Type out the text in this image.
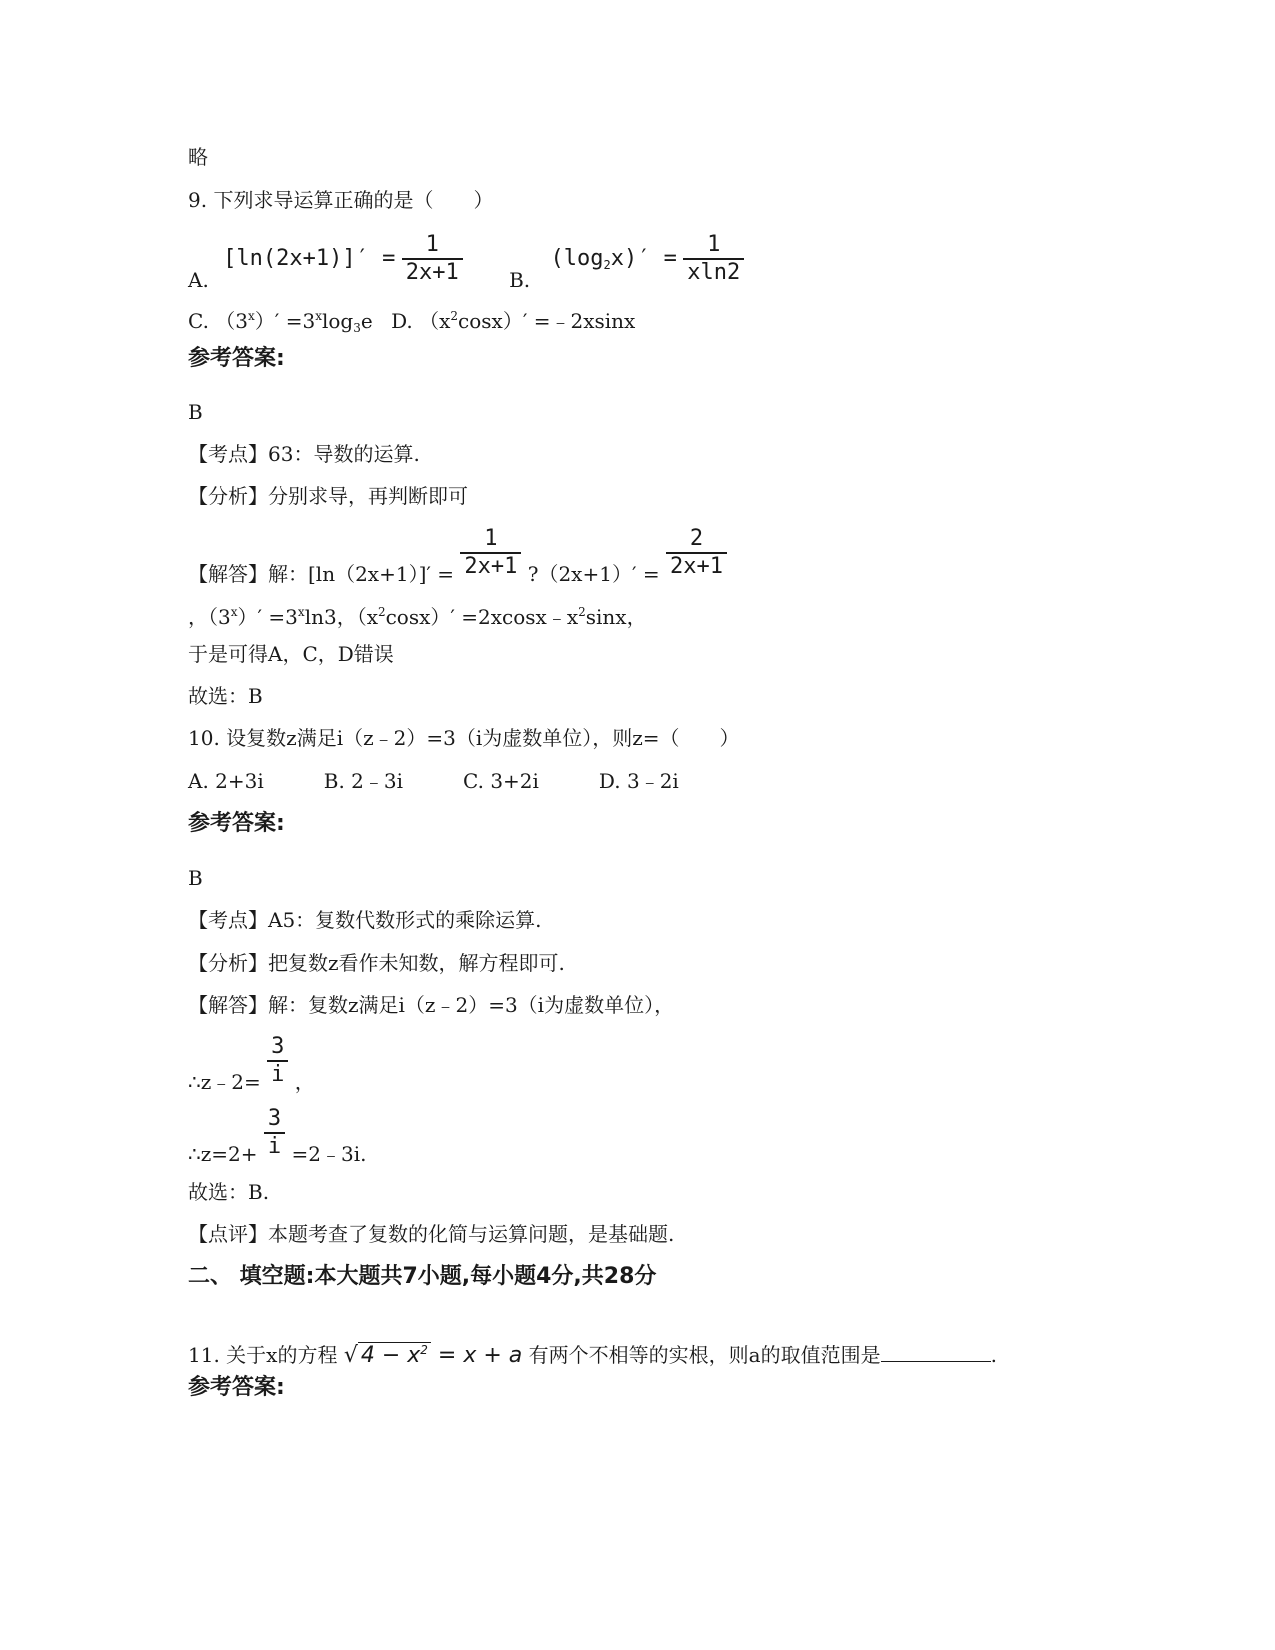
略
9. 下列求导运算正确的是（　　）
A. $[\ln(2x+1)]' = \frac{1}{2x+1} B$. $(\log_2x)' = \frac{1}{xln2}$
C. $(3^x)' =3^x\log_3e$ D. $(x^2\cos x)'$ =﹣2xsinx
参考答案:
B
【考点】63：导数的运算.
【分析】分别求导，再判断即可
【解答】解：$[\ln(2x+1)]' = \frac{1}{2x+1}$ ?（2x+1）′ = $\frac{2}{2x+1}$
，$(3^x)' =3^x\ln 3$，$(x^2\cos x)'$ $=2xcosx﹣x^2\sin x$，
于是可得A，C，D错误
故选：B
10. 设复数z满足i（z﹣2）=3（i为虚数单位），则z=（　　）
A. 2+3i　　　B. 2﹣3i　　　C. 3+2i　　　D. 3﹣2i
参考答案:
B
【考点】A5：复数代数形式的乘除运算.
【分析】把复数z看作未知数，解方程即可.
【解答】解：复数z满足i（z﹣2）=3（i为虚数单位），
∴z﹣2= $\frac{3}{i}$ ，
∴z=2+ $\frac{3}{i}$ =2﹣3i.
故选：B.
【点评】本题考查了复数的化简与运算问题，是基础题.
二、 填空题:本大题共7小题,每小题4分,共28分
11. 关于x的方程 √ $4 - x^2 = x + a$ 有两个不相等的实根，则a的取值范围是	.
参考答案:
